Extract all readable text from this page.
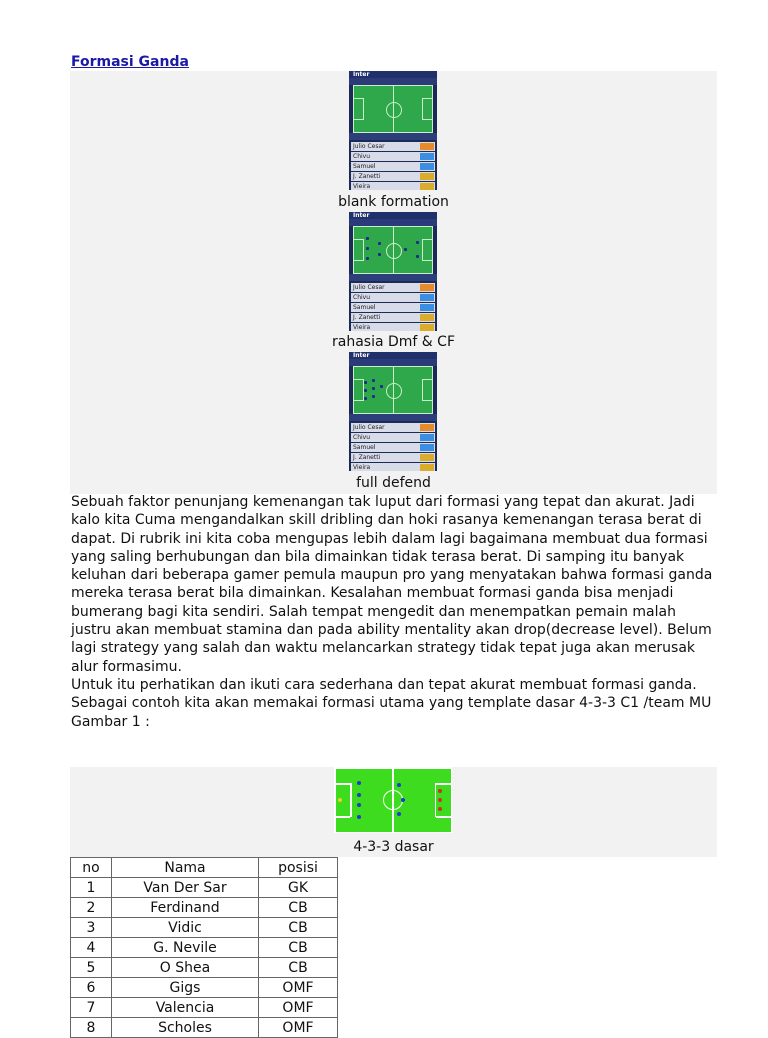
Formasi Ganda
Inter
Julio Cesar
Chivu
Samuel
J. Zanetti
Vieira
blank formation
Inter
Julio Cesar
Chivu
Samuel
J. Zanetti
Vieira
rahasia Dmf & CF
Inter
Julio Cesar
Chivu
Samuel
J. Zanetti
Vieira
full defend

Sebuah faktor penunjang kemenangan tak luput dari formasi yang tepat dan akurat. Jadi kalo kita Cuma mengandalkan skill dribling dan hoki rasanya kemenangan terasa berat di dapat. Di rubrik ini kita coba mengupas lebih dalam lagi bagaimana membuat dua formasi yang saling berhubungan dan bila dimainkan tidak terasa berat. Di samping itu banyak keluhan dari beberapa gamer pemula maupun pro yang menyatakan bahwa formasi ganda mereka terasa berat bila dimainkan. Kesalahan membuat formasi ganda bisa menjadi bumerang bagi kita sendiri. Salah tempat mengedit dan menempatkan pemain malah justru akan membuat stamina dan pada ability mentality akan drop(decrease level). Belum lagi strategy yang salah dan waktu melancarkan strategy tidak tepat juga akan merusak alur formasimu.

Untuk itu perhatikan dan ikuti cara sederhana dan tepat akurat membuat formasi ganda. Sebagai contoh kita akan memakai formasi utama yang template dasar 4-3-3 C1 /team MU

Gambar 1 :

4-3-3 dasar
no	Nama	posisi
1	Van Der Sar	GK
2	Ferdinand	CB
3	Vidic	CB
4	G. Nevile	CB
5	O Shea	CB
6	Gigs	OMF
7	Valencia	OMF
8	Scholes	OMF
